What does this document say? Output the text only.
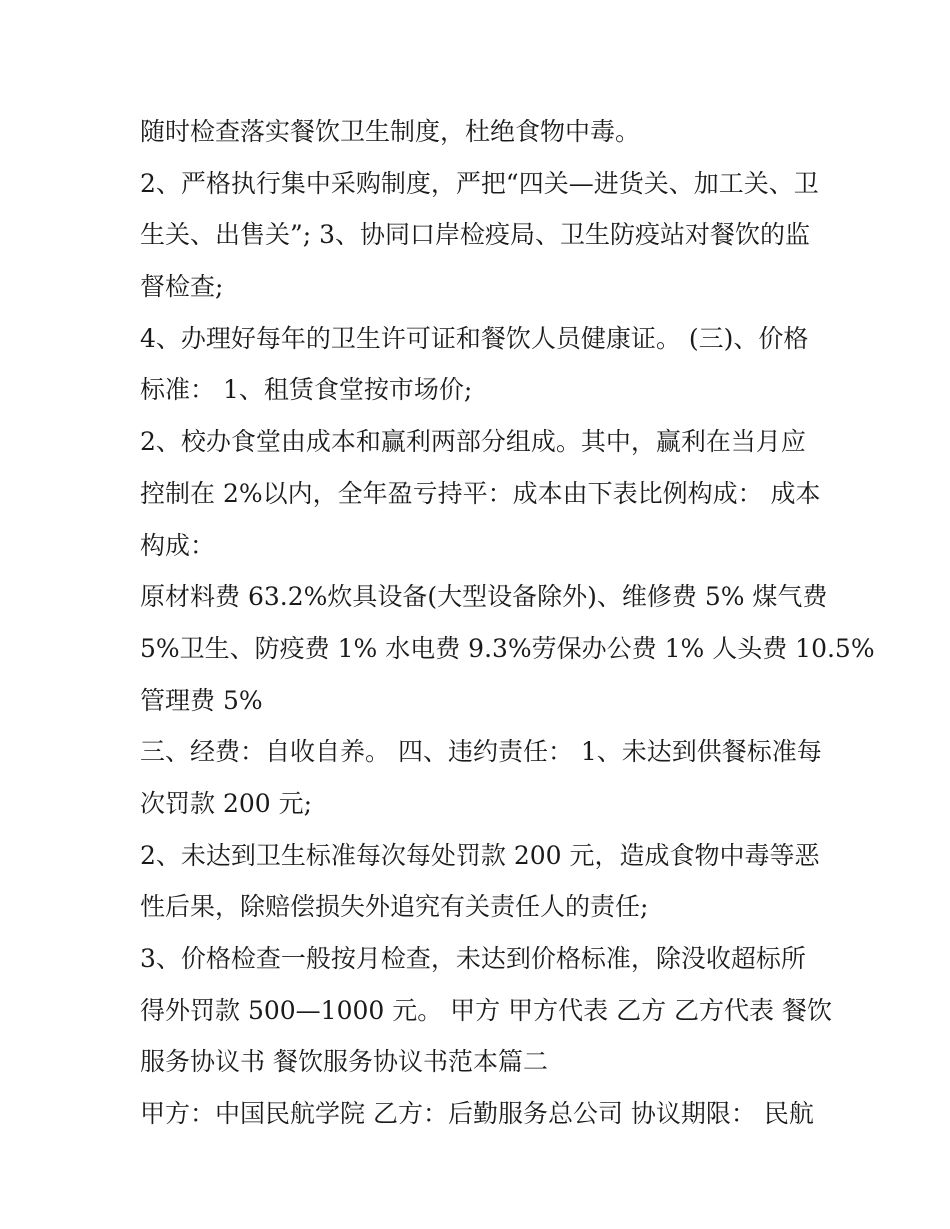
随时检查落实餐饮卫生制度，杜绝食物中毒。
2、严格执行集中采购制度，严把“四关—进货关、加工关、卫
生关、出售关”; 3、协同口岸检疫局、卫生防疫站对餐饮的监
督检查;
4、办理好每年的卫生许可证和餐饮人员健康证。 (三)、价格
标准： 1、租赁食堂按市场价;
2、校办食堂由成本和赢利两部分组成。其中，赢利在当月应
控制在 2%以内，全年盈亏持平：成本由下表比例构成： 成本
构成：
原材料费 63.2%炊具设备(大型设备除外)、维修费 5% 煤气费
5%卫生、防疫费 1% 水电费 9.3%劳保办公费 1% 人头费 10.5%
管理费 5%
三、经费：自收自养。 四、违约责任： 1、未达到供餐标准每
次罚款 200 元;
2、未达到卫生标准每次每处罚款 200 元，造成食物中毒等恶
性后果，除赔偿损失外追究有关责任人的责任;
3、价格检查一般按月检查，未达到价格标准，除没收超标所
得外罚款 500—1000 元。 甲方 甲方代表 乙方 乙方代表 餐饮
服务协议书 餐饮服务协议书范本篇二
甲方：中国民航学院 乙方：后勤服务总公司 协议期限： 民航
